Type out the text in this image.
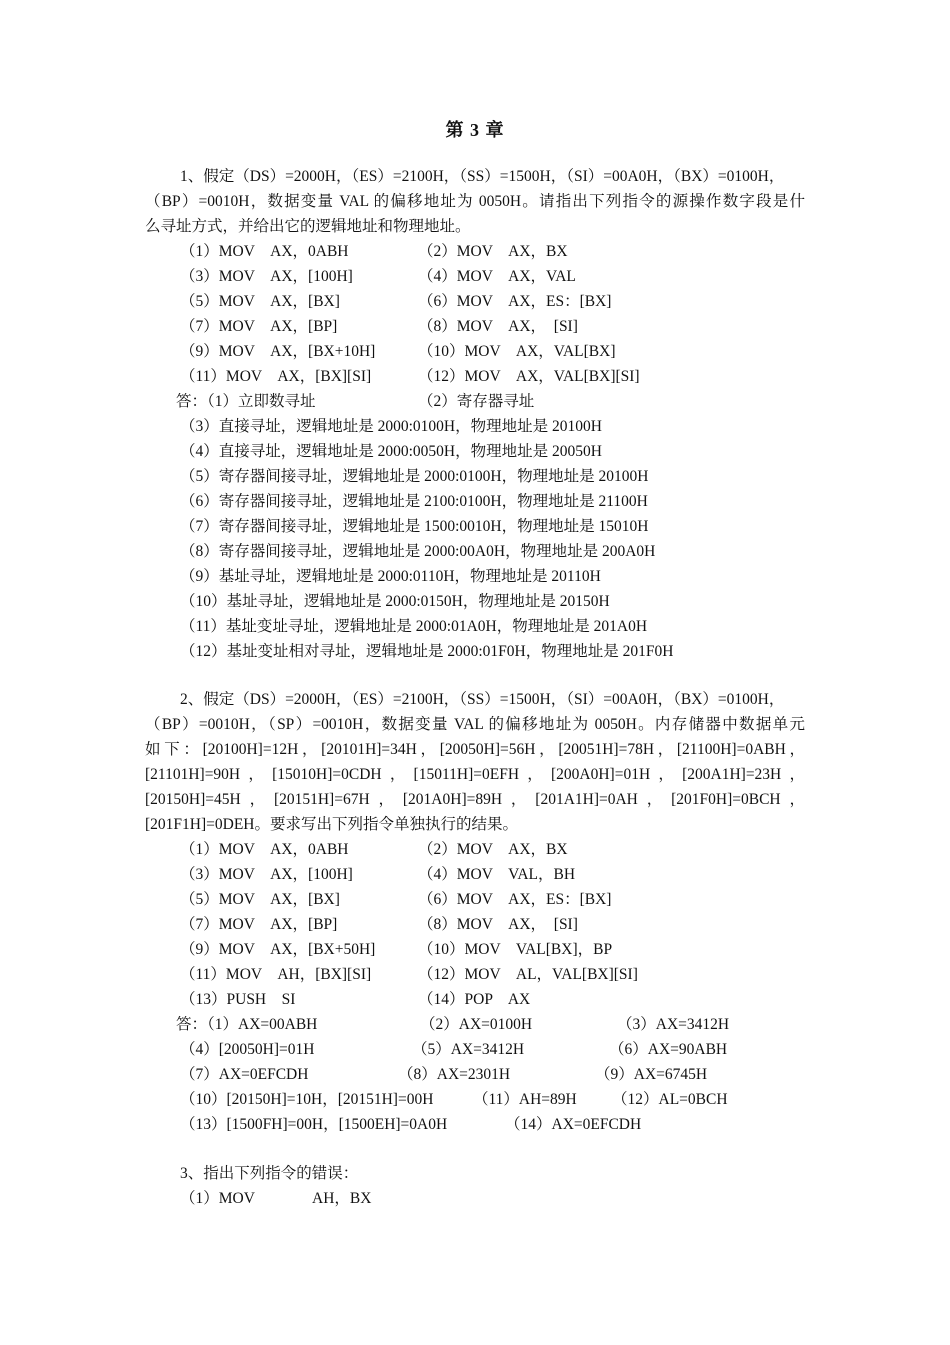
第 3 章
1、假定（DS）=2000H，（ES）=2100H，（SS）=1500H，（SI）=00A0H，（BX）=0100H，
（BP）=0010H，数据变量 VAL 的偏移地址为 0050H。请指出下列指令的源操作数字段是什
么寻址方式，并给出它的逻辑地址和物理地址。
（1）MOV　AX，0ABH	（2）MOV　AX，BX
（3）MOV　AX，[100H]	（4）MOV　AX，VAL
（5）MOV　AX，[BX]	（6）MOV　AX，ES：[BX]
（7）MOV　AX，[BP]	（8）MOV　AX，　[SI]
（9）MOV　AX，[BX+10H]	（10）MOV　AX，VAL[BX]
（11）MOV　AX，[BX][SI]	（12）MOV　AX，VAL[BX][SI]
答：（1）立即数寻址	（2）寄存器寻址
（3）直接寻址，逻辑地址是 2000:0100H，物理地址是 20100H
（4）直接寻址，逻辑地址是 2000:0050H，物理地址是 20050H
（5）寄存器间接寻址，逻辑地址是 2000:0100H，物理地址是 20100H
（6）寄存器间接寻址，逻辑地址是 2100:0100H，物理地址是 21100H
（7）寄存器间接寻址，逻辑地址是 1500:0010H，物理地址是 15010H
（8）寄存器间接寻址，逻辑地址是 2000:00A0H，物理地址是 200A0H
（9）基址寻址，逻辑地址是 2000:0110H，物理地址是 20110H
（10）基址寻址，逻辑地址是 2000:0150H，物理地址是 20150H
（11）基址变址寻址，逻辑地址是 2000:01A0H，物理地址是 201A0H
（12）基址变址相对寻址，逻辑地址是 2000:01F0H，物理地址是 201F0H
2、假定（DS）=2000H，（ES）=2100H，（SS）=1500H，（SI）=00A0H，（BX）=0100H，
（BP）=0010H，（SP）=0010H，数据变量 VAL 的偏移地址为 0050H。内存储器中数据单元
如下：[20100H]=12H，[20101H]=34H，[20050H]=56H，[20051H]=78H，[21100H]=0ABH，
[21101H]=90H，[15010H]=0CDH，[15011H]=0EFH，[200A0H]=01H，[200A1H]=23H，
[20150H]=45H，[20151H]=67H，[201A0H]=89H，[201A1H]=0AH，[201F0H]=0BCH，
[201F1H]=0DEH。要求写出下列指令单独执行的结果。
（1）MOV　AX，0ABH	（2）MOV　AX，BX
（3）MOV　AX，[100H]	（4）MOV　VAL，BH
（5）MOV　AX，[BX]	（6）MOV　AX，ES：[BX]
（7）MOV　AX，[BP]	（8）MOV　AX，　[SI]
（9）MOV　AX，[BX+50H]	（10）MOV　VAL[BX]，BP
（11）MOV　AH，[BX][SI]	（12）MOV　AL，VAL[BX][SI]
（13）PUSH　SI	（14）POP　AX
答：（1）AX=00ABH	（2）AX=0100H	（3）AX=3412H
（4）[20050H]=01H	（5）AX=3412H	（6）AX=90ABH
（7）AX=0EFCDH	（8）AX=2301H	（9）AX=6745H
（10）[20150H]=10H，[20151H]=00H	（11）AH=89H （12）AL=0BCH
（13）[1500FH]=00H，[1500EH]=0A0H	（14）AX=0EFCDH
3、指出下列指令的错误：
（1）MOV	AH，BX
